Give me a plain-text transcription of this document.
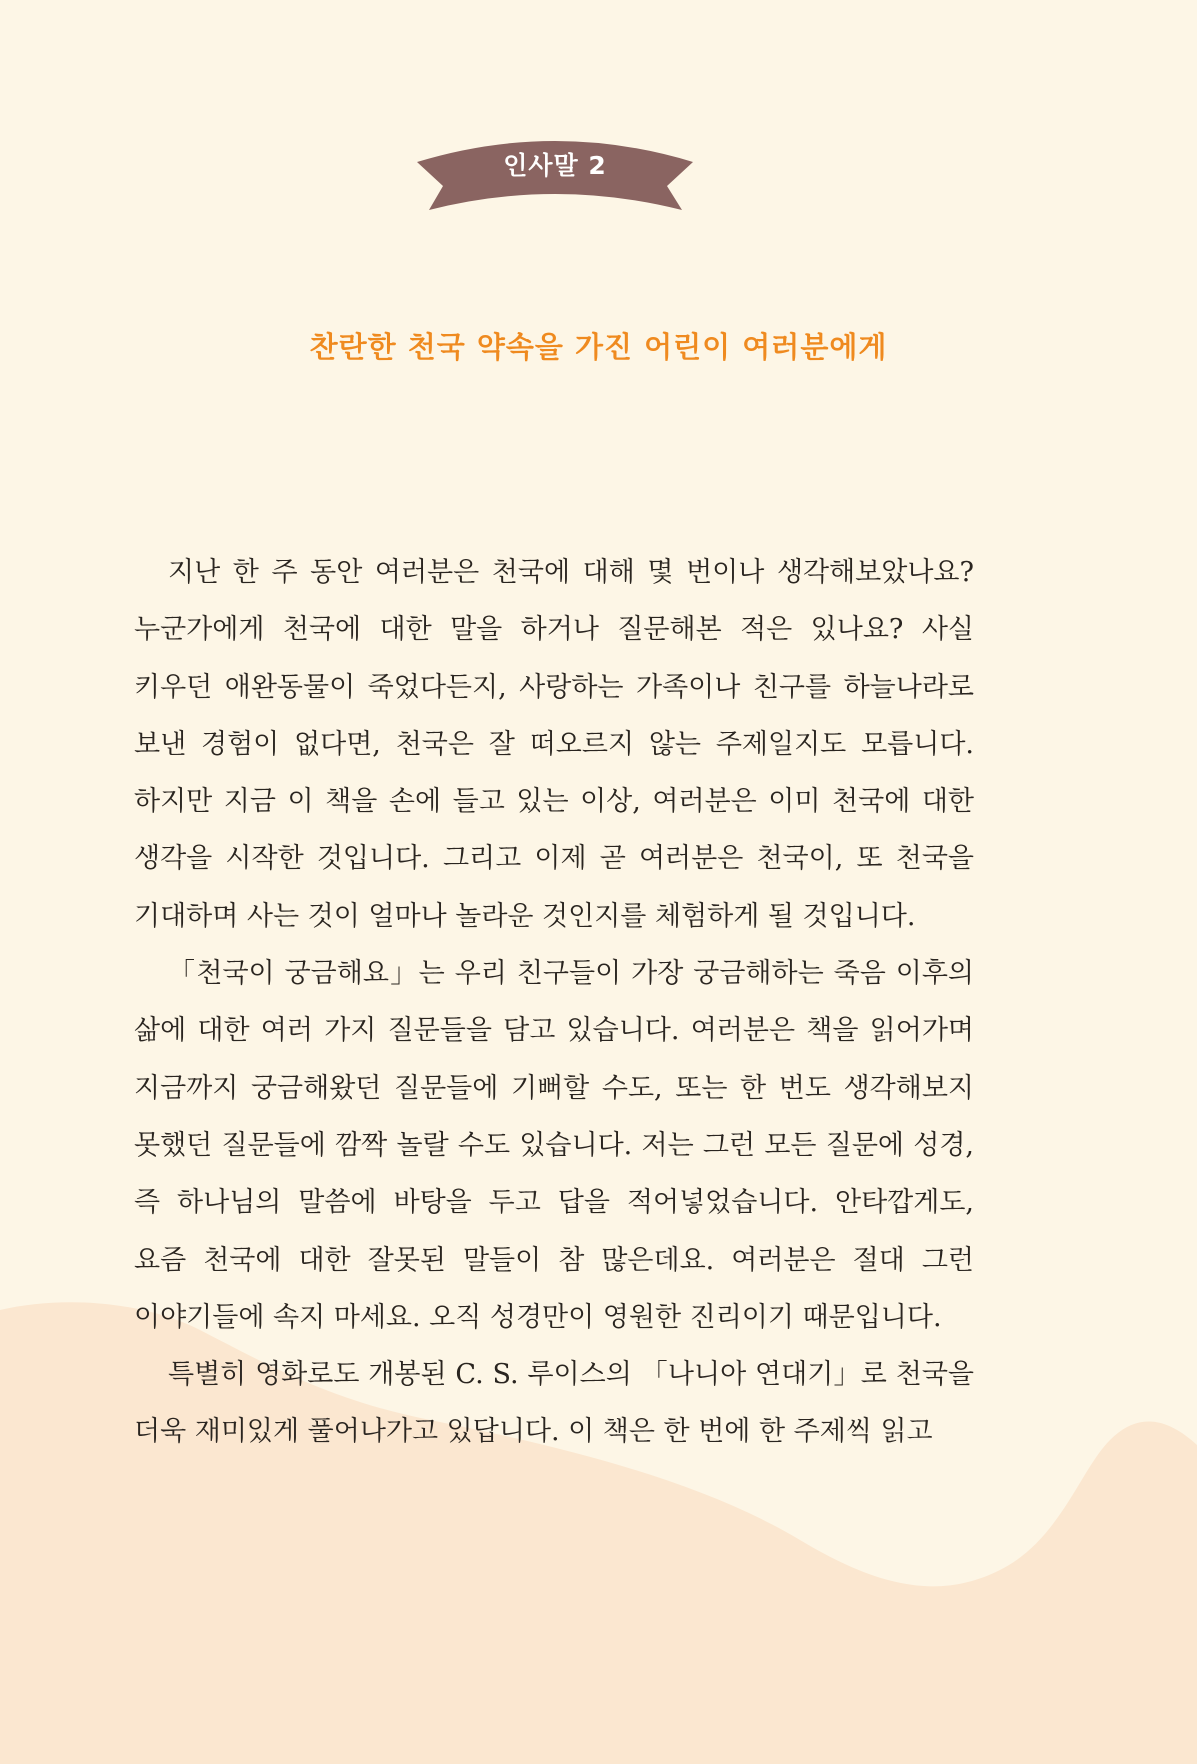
인사말 2
찬란한 천국 약속을 가진 어린이 여러분에게

지난 한 주 동안 여러분은 천국에 대해 몇 번이나 생각해보았나요? 누군가에게 천국에 대한 말을 하거나 질문해본 적은 있나요? 사실 키우던 애완동물이 죽었다든지, 사랑하는 가족이나 친구를 하늘나라로 보낸 경험이 없다면, 천국은 잘 떠오르지 않는 주제일지도 모릅니다. 하지만 지금 이 책을 손에 들고 있는 이상, 여러분은 이미 천국에 대한 생각을 시작한 것입니다. 그리고 이제 곧 여러분은 천국이, 또 천국을 기대하며 사는 것이 얼마나 놀라운 것인지를 체험하게 될 것입니다.

「천국이 궁금해요」는 우리 친구들이 가장 궁금해하는 죽음 이후의 삶에 대한 여러 가지 질문들을 담고 있습니다. 여러분은 책을 읽어가며 지금까지 궁금해왔던 질문들에 기뻐할 수도, 또는 한 번도 생각해보지 못했던 질문들에 깜짝 놀랄 수도 있습니다. 저는 그런 모든 질문에 성경, 즉 하나님의 말씀에 바탕을 두고 답을 적어넣었습니다. 안타깝게도, 요즘 천국에 대한 잘못된 말들이 참 많은데요. 여러분은 절대 그런 이야기들에 속지 마세요. 오직 성경만이 영원한 진리이기 때문입니다.

특별히 영화로도 개봉된 C. S. 루이스의 「나니아 연대기」로 천국을 더욱 재미있게 풀어나가고 있답니다. 이 책은 한 번에 한 주제씩 읽고
